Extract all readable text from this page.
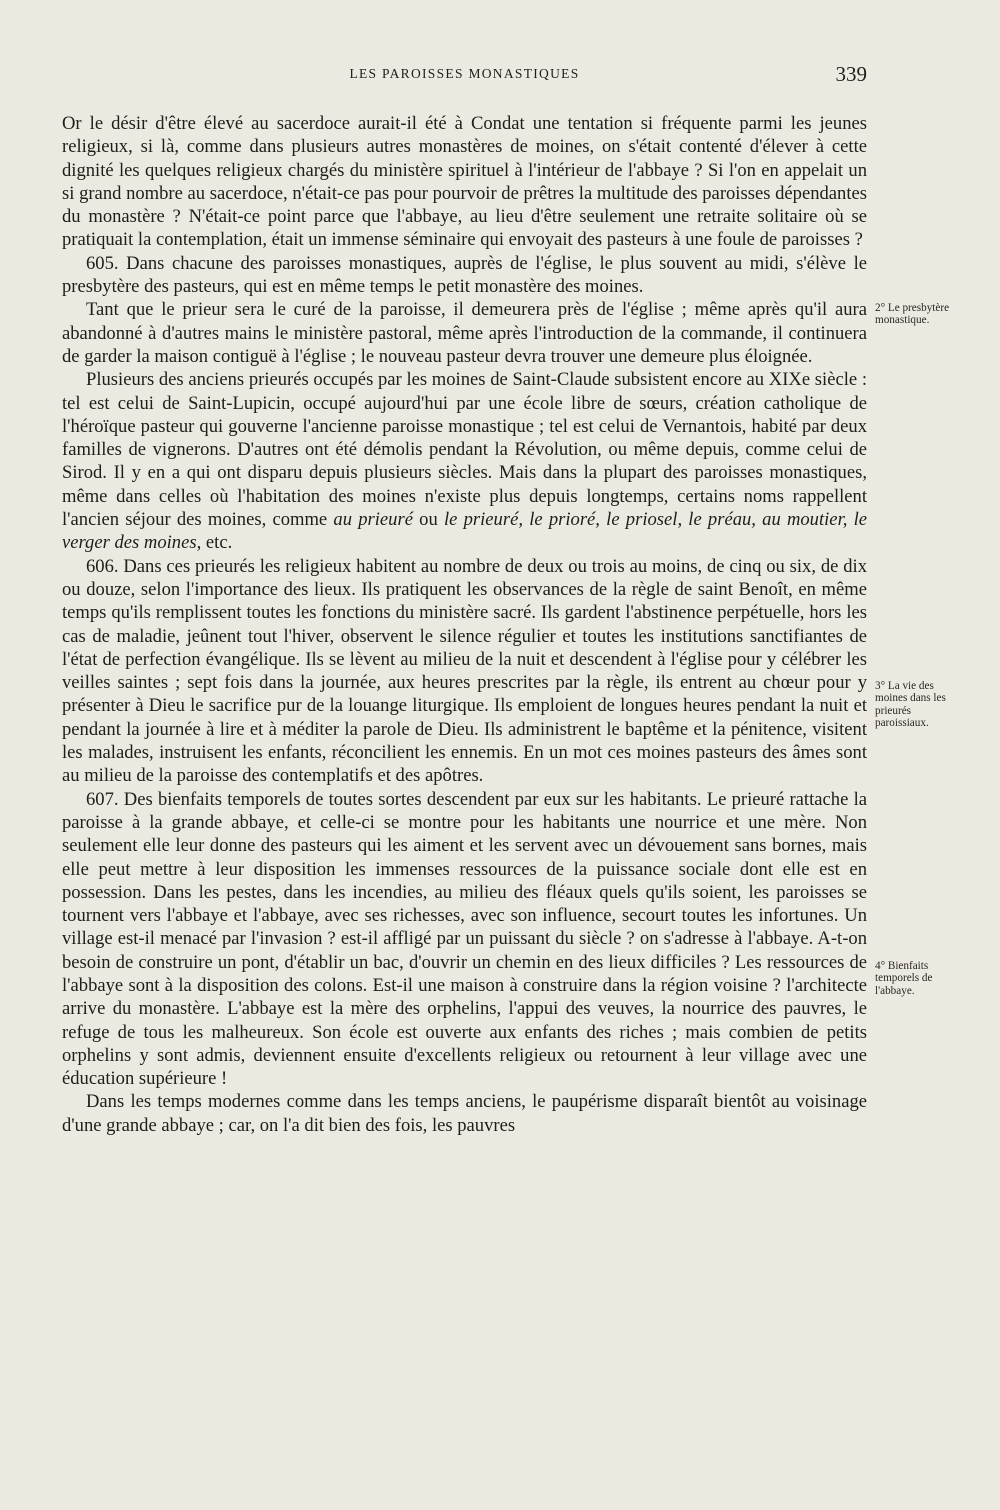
LES PAROISSES MONASTIQUES	339

Or le désir d'être élevé au sacerdoce aurait-il été à Condat une tentation si fréquente parmi les jeunes religieux, si là, comme dans plusieurs autres monastères de moines, on s'était contenté d'élever à cette dignité les quelques religieux chargés du ministère spirituel à l'intérieur de l'abbaye ? Si l'on en appelait un si grand nombre au sacerdoce, n'était-ce pas pour pourvoir de prêtres la multitude des paroisses dépendantes du monastère ? N'était-ce point parce que l'abbaye, au lieu d'être seulement une retraite solitaire où se pratiquait la contemplation, était un immense séminaire qui envoyait des pasteurs à une foule de paroisses ?

605. Dans chacune des paroisses monastiques, auprès de l'église, le plus souvent au midi, s'élève le presbytère des pasteurs, qui est en même temps le petit monastère des moines.

Tant que le prieur sera le curé de la paroisse, il demeurera près de l'église ; même après qu'il aura abandonné à d'autres mains le ministère pastoral, même après l'introduction de la commande, il continuera de garder la maison contiguë à l'église ; le nouveau pasteur devra trouver une demeure plus éloignée.

Plusieurs des anciens prieurés occupés par les moines de Saint-Claude subsistent encore au XIXe siècle : tel est celui de Saint-Lupicin, occupé aujourd'hui par une école libre de sœurs, création catholique de l'héroïque pasteur qui gouverne l'ancienne paroisse monastique ; tel est celui de Vernantois, habité par deux familles de vignerons. D'autres ont été démolis pendant la Révolution, ou même depuis, comme celui de Sirod. Il y en a qui ont disparu depuis plusieurs siècles. Mais dans la plupart des paroisses monastiques, même dans celles où l'habitation des moines n'existe plus depuis longtemps, certains noms rappellent l'ancien séjour des moines, comme au prieuré ou le prieuré, le prioré, le priosel, le préau, au moutier, le verger des moines, etc.

606. Dans ces prieurés les religieux habitent au nombre de deux ou trois au moins, de cinq ou six, de dix ou douze, selon l'importance des lieux. Ils pratiquent les observances de la règle de saint Benoît, en même temps qu'ils remplissent toutes les fonctions du ministère sacré. Ils gardent l'abstinence perpétuelle, hors les cas de maladie, jeûnent tout l'hiver, observent le silence régulier et toutes les institutions sanctifiantes de l'état de perfection évangélique. Ils se lèvent au milieu de la nuit et descendent à l'église pour y célébrer les veilles saintes ; sept fois dans la journée, aux heures prescrites par la règle, ils entrent au chœur pour y présenter à Dieu le sacrifice pur de la louange liturgique. Ils emploient de longues heures pendant la nuit et pendant la journée à lire et à méditer la parole de Dieu. Ils administrent le baptême et la pénitence, visitent les malades, instruisent les enfants, réconcilient les ennemis. En un mot ces moines pasteurs des âmes sont au milieu de la paroisse des contemplatifs et des apôtres.

607. Des bienfaits temporels de toutes sortes descendent par eux sur les habitants. Le prieuré rattache la paroisse à la grande abbaye, et celle-ci se montre pour les habitants une nourrice et une mère. Non seulement elle leur donne des pasteurs qui les aiment et les servent avec un dévouement sans bornes, mais elle peut mettre à leur disposition les immenses ressources de la puissance sociale dont elle est en possession. Dans les pestes, dans les incendies, au milieu des fléaux quels qu'ils soient, les paroisses se tournent vers l'abbaye et l'abbaye, avec ses richesses, avec son influence, secourt toutes les infortunes. Un village est-il menacé par l'invasion ? est-il affligé par un puissant du siècle ? on s'adresse à l'abbaye. A-t-on besoin de construire un pont, d'établir un bac, d'ouvrir un chemin en des lieux difficiles ? Les ressources de l'abbaye sont à la disposition des colons. Est-il une maison à construire dans la région voisine ? l'architecte arrive du monastère. L'abbaye est la mère des orphelins, l'appui des veuves, la nourrice des pauvres, le refuge de tous les malheureux. Son école est ouverte aux enfants des riches ; mais combien de petits orphelins y sont admis, deviennent ensuite d'excellents religieux ou retournent à leur village avec une éducation supérieure !

Dans les temps modernes comme dans les temps anciens, le paupérisme disparaît bientôt au voisinage d'une grande abbaye ; car, on l'a dit bien des fois, les pauvres

2° Le presbytère monastique.
3° La vie des moines dans les prieurés paroissiaux.
4° Bienfaits temporels de l'abbaye.
